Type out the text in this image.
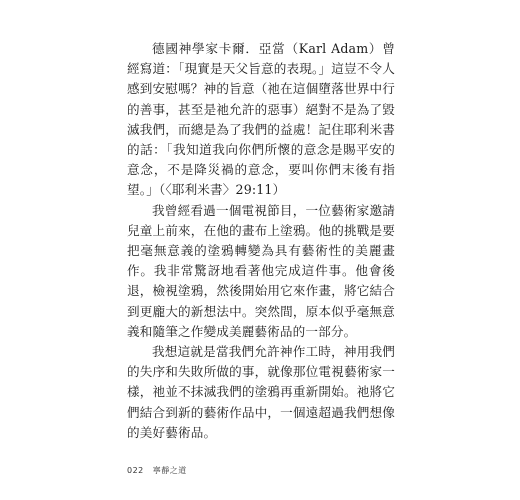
德國神學家卡爾．亞當（Karl Adam）曾經寫道：「現實是天父旨意的表現。」這豈不令人感到安慰嗎？神的旨意（祂在這個墮落世界中行的善事，甚至是祂允許的惡事）絕對不是為了毀滅我們，而總是為了我們的益處！記住耶利米書的話：「我知道我向你們所懷的意念是賜平安的意念，不是降災禍的意念，要叫你們末後有指望。」（〈耶利米書〉29:11）

我曾經看過一個電視節目，一位藝術家邀請兒童上前來，在他的畫布上塗鴉。他的挑戰是要把毫無意義的塗鴉轉變為具有藝術性的美麗畫作。我非常驚訝地看著他完成這件事。他會後退，檢視塗鴉，然後開始用它來作畫，將它結合到更龐大的新想法中。突然間，原本似乎毫無意義和隨筆之作變成美麗藝術品的一部分。

我想這就是當我們允許神作工時，神用我們的失序和失敗所做的事，就像那位電視藝術家一樣，祂並不抹滅我們的塗鴉再重新開始。祂將它們結合到新的藝術作品中，一個遠超過我們想像的美好藝術品。

022 寧靜之道
